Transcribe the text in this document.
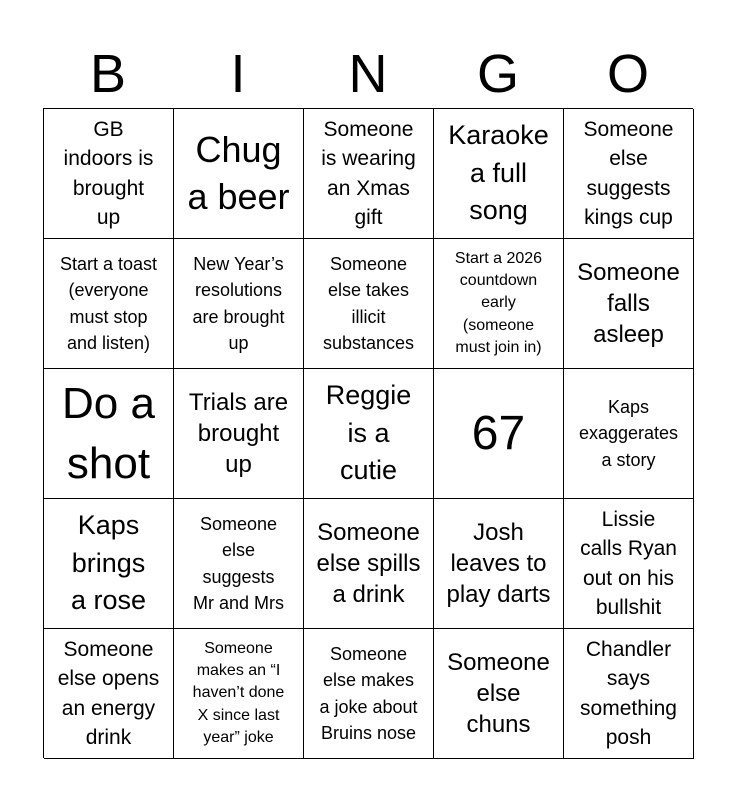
B	I	N	G	O
GB
indoors is
brought
up
Chug
a beer
Someone
is wearing
an Xmas
gift
Karaoke
a full
song
Someone
else
suggests
kings cup
Start a toast
(everyone
must stop
and listen)
New Year’s
resolutions
are brought
up
Someone
else takes
illicit
substances
Start a 2026
countdown
early
(someone
must join in)
Someone
falls
asleep
Do a
shot
Trials are
brought
up
Reggie
is a
cutie
67	Kaps
exaggerates
a story
Kaps
brings
a rose
Someone
else
suggests
Mr and Mrs
Someone
else spills
a drink
Josh
leaves to
play darts
Lissie
calls Ryan
out on his
bullshit
Someone
else opens
an energy
drink
Someone
makes an “I
haven’t done
X since last
year” joke
Someone
else makes
a joke about
Bruins nose
Someone
else
chuns
Chandler
says
something
posh
